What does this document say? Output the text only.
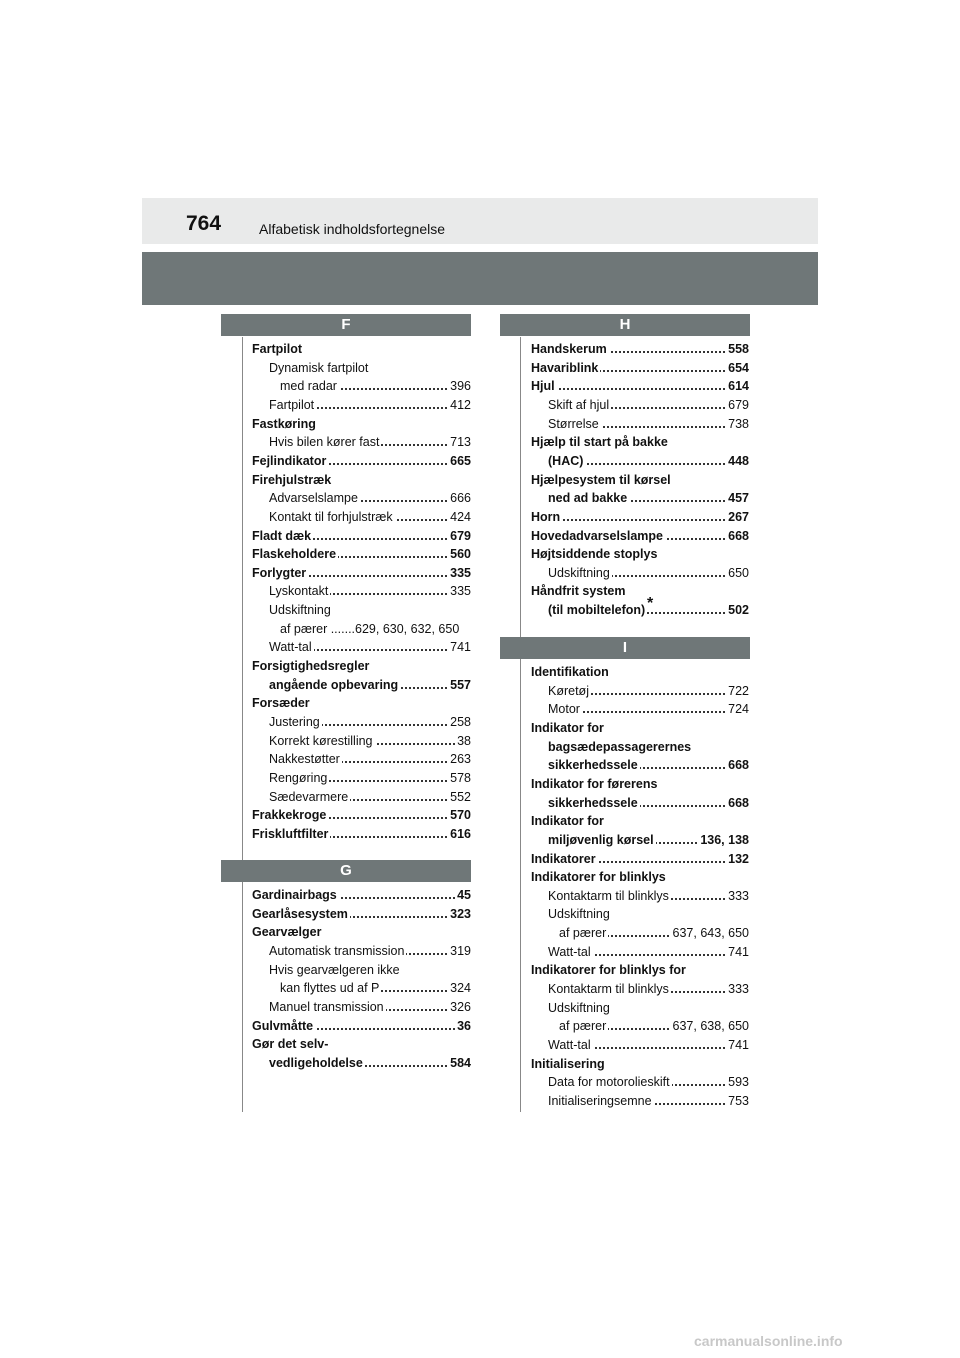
764	Alfabetisk indholdsfortegnelse
F
Fartpilot
Dynamisk fartpilot
med radar	396
Fartpilot	412
Fastkøring
Hvis bilen kører fast	713
Fejlindikator	665
Firehjulstræk
Advarselslampe	666
Kontakt til forhjulstræk	424
Fladt dæk	679
Flaskeholdere	560
Forlygter	335
Lyskontakt	335
Udskiftning
af pærer .......629, 630, 632, 650
Watt-tal	741
Forsigtighedsregler
angående opbevaring	557
Forsæder
Justering	258
Korrekt kørestilling	38
Nakkestøtter	263
Rengøring	578
Sædevarmere	552
Frakkekroge	570
Friskluftfilter	616
G
Gardinairbags	45
Gearlåsesystem	323
Gearvælger
Automatisk transmission	319
Hvis gearvælgeren ikke
kan flyttes ud af P	324
Manuel transmission	326
Gulvmåtte	36
Gør det selv-
vedligeholdelse	584
H
Handskerum	558
Havariblink	654
Hjul	614
Skift af hjul	679
Størrelse	738
Hjælp til start på bakke
(HAC)	448
Hjælpesystem til kørsel
ned ad bakke	457
Horn	267
Hovedadvarselslampe	668
Højtsiddende stoplys
Udskiftning	650
Håndfrit system
(til mobiltelefon) *	502
I
Identifikation
Køretøj	722
Motor	724
Indikator for
bagsædepassagerernes
sikkerhedssele	668
Indikator for førerens
sikkerhedssele	668
Indikator for
miljøvenlig kørsel	136, 138
Indikatorer	132
Indikatorer for blinklys
Kontaktarm til blinklys	333
Udskiftning
af pærer	637, 643, 650
Watt-tal	741
Indikatorer for blinklys for
Kontaktarm til blinklys	333
Udskiftning
af pærer	637, 638, 650
Watt-tal	741
Initialisering
Data for motorolieskift	593
Initialiseringsemne	753
carmanualsonline.info
